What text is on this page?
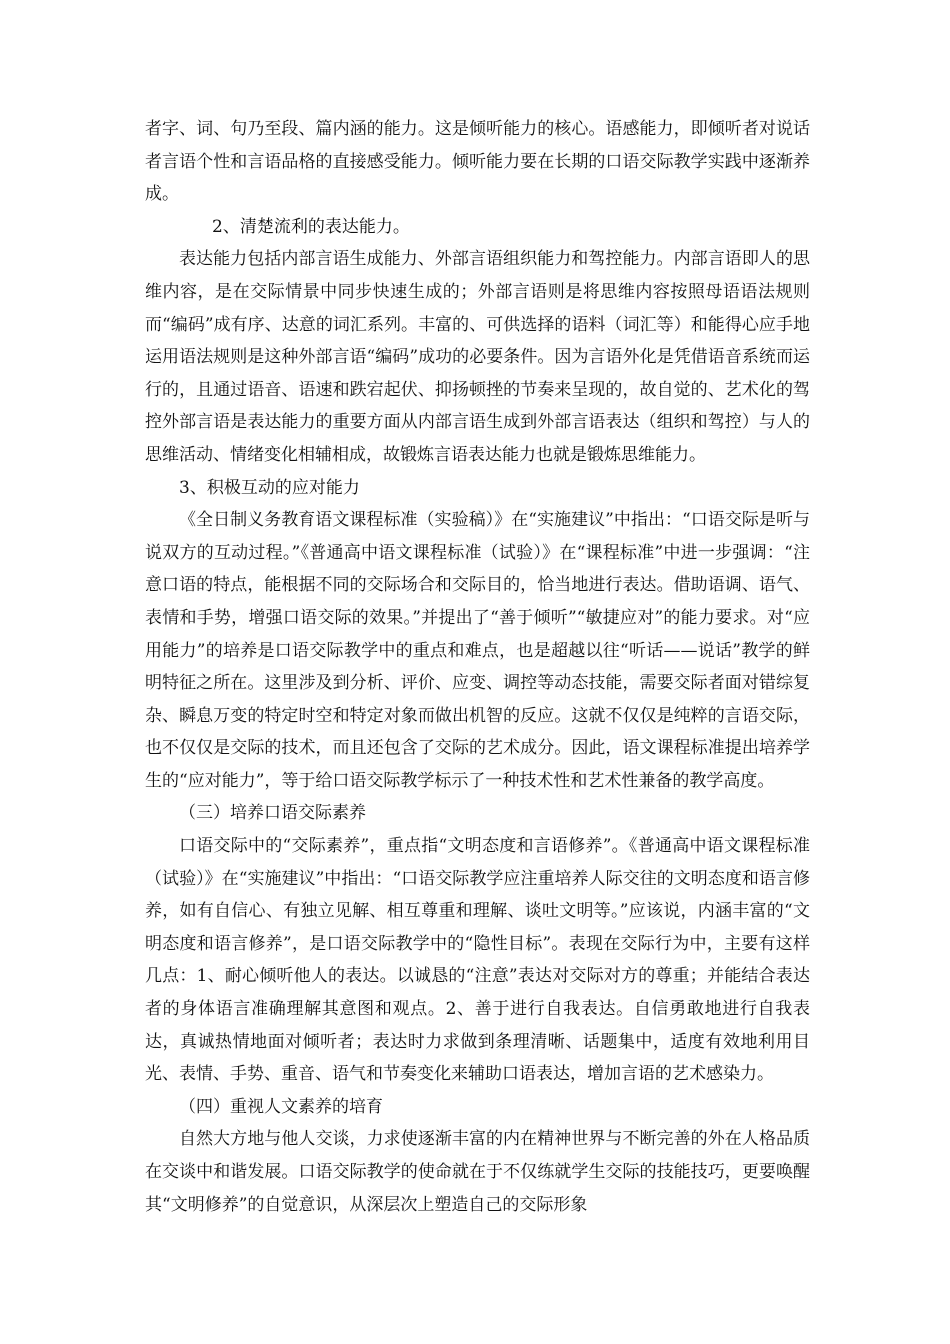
者字、词、句乃至段、篇内涵的能力。这是倾听能力的核心。语感能力，即倾听者对说话者言语个性和言语品格的直接感受能力。倾听能力要在长期的口语交际教学实践中逐渐养成。

2、清楚流利的表达能力。

表达能力包括内部言语生成能力、外部言语组织能力和驾控能力。内部言语即人的思维内容，是在交际情景中同步快速生成的；外部言语则是将思维内容按照母语语法规则而“编码”成有序、达意的词汇系列。丰富的、可供选择的语料（词汇等）和能得心应手地运用语法规则是这种外部言语“编码”成功的必要条件。因为言语外化是凭借语音系统而运行的，且通过语音、语速和跌宕起伏、抑扬顿挫的节奏来呈现的，故自觉的、艺术化的驾控外部言语是表达能力的重要方面从内部言语生成到外部言语表达（组织和驾控）与人的思维活动、情绪变化相辅相成，故锻炼言语表达能力也就是锻炼思维能力。

3、积极互动的应对能力

《全日制义务教育语文课程标准（实验稿）》在“实施建议”中指出：“口语交际是听与说双方的互动过程。”《普通高中语文课程标准（试验）》在“课程标准”中进一步强调：“注意口语的特点，能根据不同的交际场合和交际目的，恰当地进行表达。借助语调、语气、表情和手势，增强口语交际的效果。”并提出了“善于倾听”“敏捷应对”的能力要求。对“应用能力”的培养是口语交际教学中的重点和难点，也是超越以往“听话——说话”教学的鲜明特征之所在。这里涉及到分析、评价、应变、调控等动态技能，需要交际者面对错综复杂、瞬息万变的特定时空和特定对象而做出机智的反应。这就不仅仅是纯粹的言语交际，也不仅仅是交际的技术，而且还包含了交际的艺术成分。因此，语文课程标准提出培养学生的“应对能力”，等于给口语交际教学标示了一种技术性和艺术性兼备的教学高度。

（三）培养口语交际素养

口语交际中的“交际素养”，重点指“文明态度和言语修养”。《普通高中语文课程标准（试验）》在“实施建议”中指出：“口语交际教学应注重培养人际交往的文明态度和语言修养，如有自信心、有独立见解、相互尊重和理解、谈吐文明等。”应该说，内涵丰富的“文明态度和语言修养”，是口语交际教学中的“隐性目标”。表现在交际行为中，主要有这样几点：1、耐心倾听他人的表达。以诚恳的“注意”表达对交际对方的尊重；并能结合表达者的身体语言准确理解其意图和观点。2、善于进行自我表达。自信勇敢地进行自我表达，真诚热情地面对倾听者；表达时力求做到条理清晰、话题集中，适度有效地利用目光、表情、手势、重音、语气和节奏变化来辅助口语表达，增加言语的艺术感染力。

（四）重视人文素养的培育

自然大方地与他人交谈，力求使逐渐丰富的内在精神世界与不断完善的外在人格品质在交谈中和谐发展。口语交际教学的使命就在于不仅练就学生交际的技能技巧，更要唤醒其“文明修养”的自觉意识，从深层次上塑造自己的交际形象
